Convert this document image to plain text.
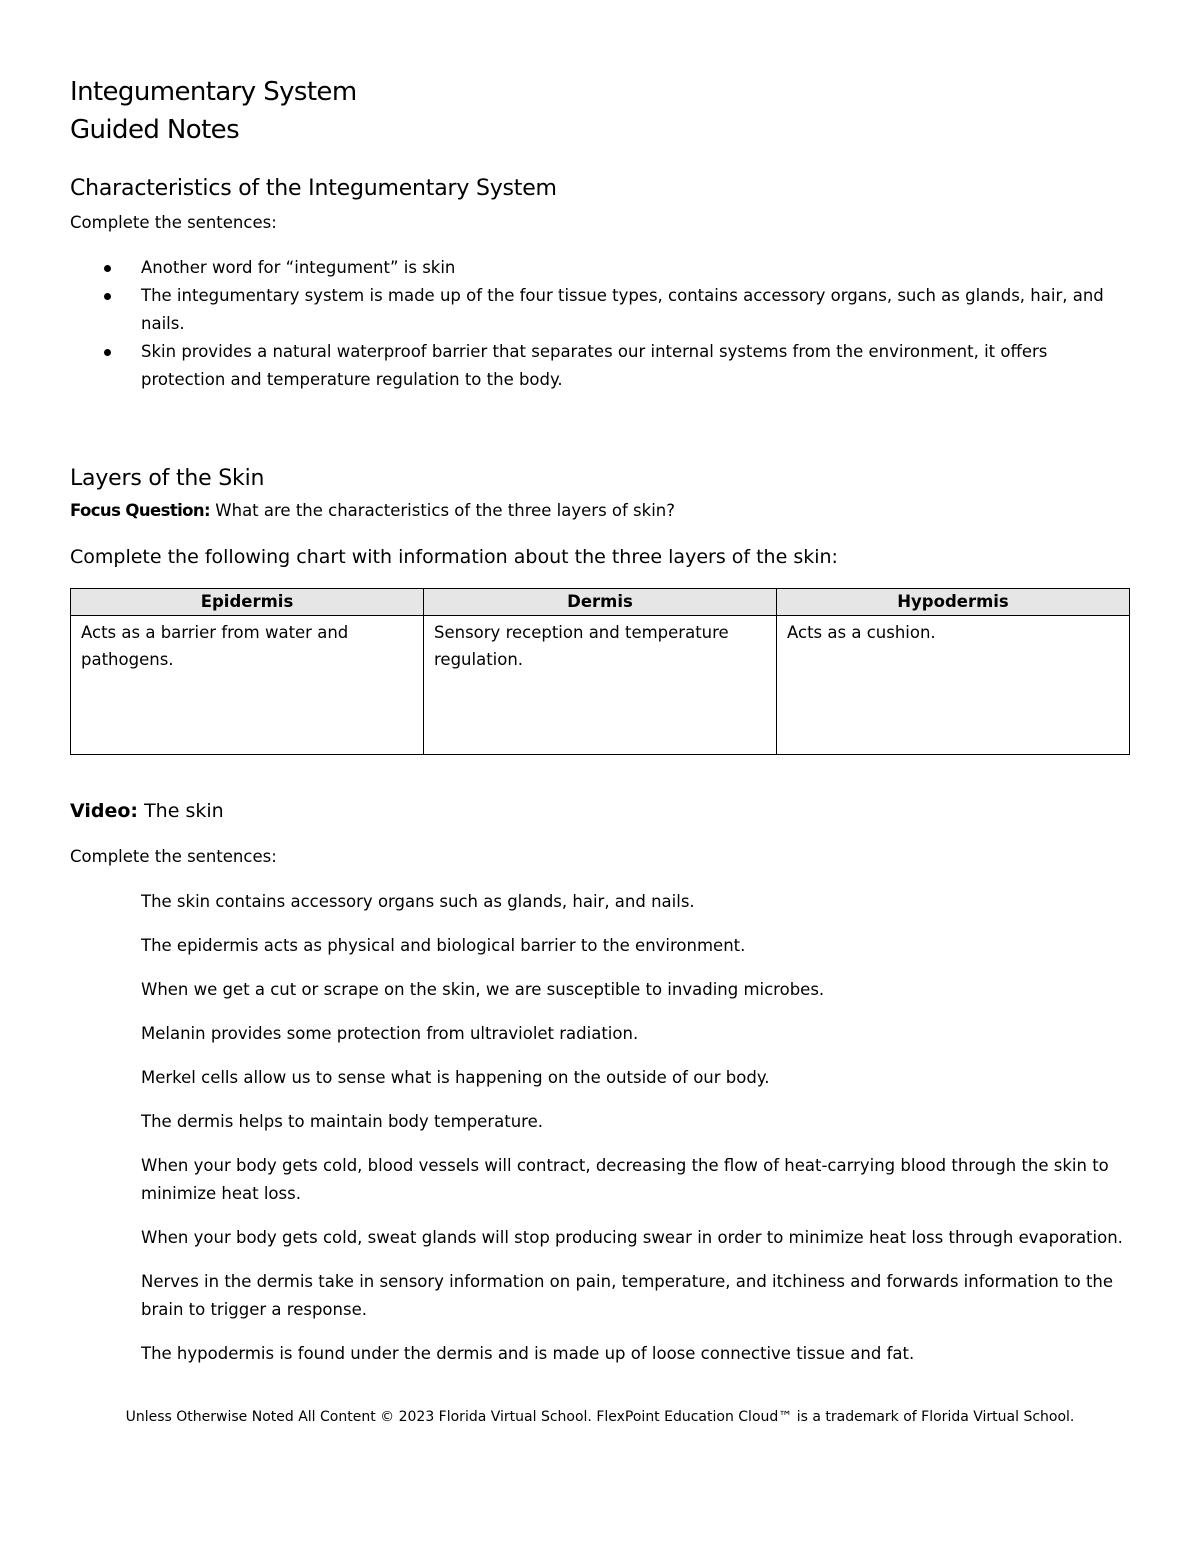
Integumentary System
Guided Notes
Characteristics of the Integumentary System

Complete the sentences:

Another word for “integument” is skin
The integumentary system is made up of the four tissue types, contains accessory organs, such as glands, hair, and nails.
Skin provides a natural waterproof barrier that separates our internal systems from the environment, it offers protection and temperature regulation to the body.
Layers of the Skin

Focus Question: What are the characteristics of the three layers of skin?

Complete the following chart with information about the three layers of the skin:

Epidermis	Dermis	Hypodermis
Acts as a barrier from water and pathogens.	Sensory reception and temperature regulation.	Acts as a cushion.

Video: The skin

Complete the sentences:

The skin contains accessory organs such as glands, hair, and nails.

The epidermis acts as physical and biological barrier to the environment.

When we get a cut or scrape on the skin, we are susceptible to invading microbes.

Melanin provides some protection from ultraviolet radiation.

Merkel cells allow us to sense what is happening on the outside of our body.

The dermis helps to maintain body temperature.

When your body gets cold, blood vessels will contract, decreasing the flow of heat-carrying blood through the skin to minimize heat loss.

When your body gets cold, sweat glands will stop producing swear in order to minimize heat loss through evaporation.

Nerves in the dermis take in sensory information on pain, temperature, and itchiness and forwards information to the brain to trigger a response.

The hypodermis is found under the dermis and is made up of loose connective tissue and fat.

Unless Otherwise Noted All Content © 2023 Florida Virtual School. FlexPoint Education Cloud™ is a trademark of Florida Virtual School.
